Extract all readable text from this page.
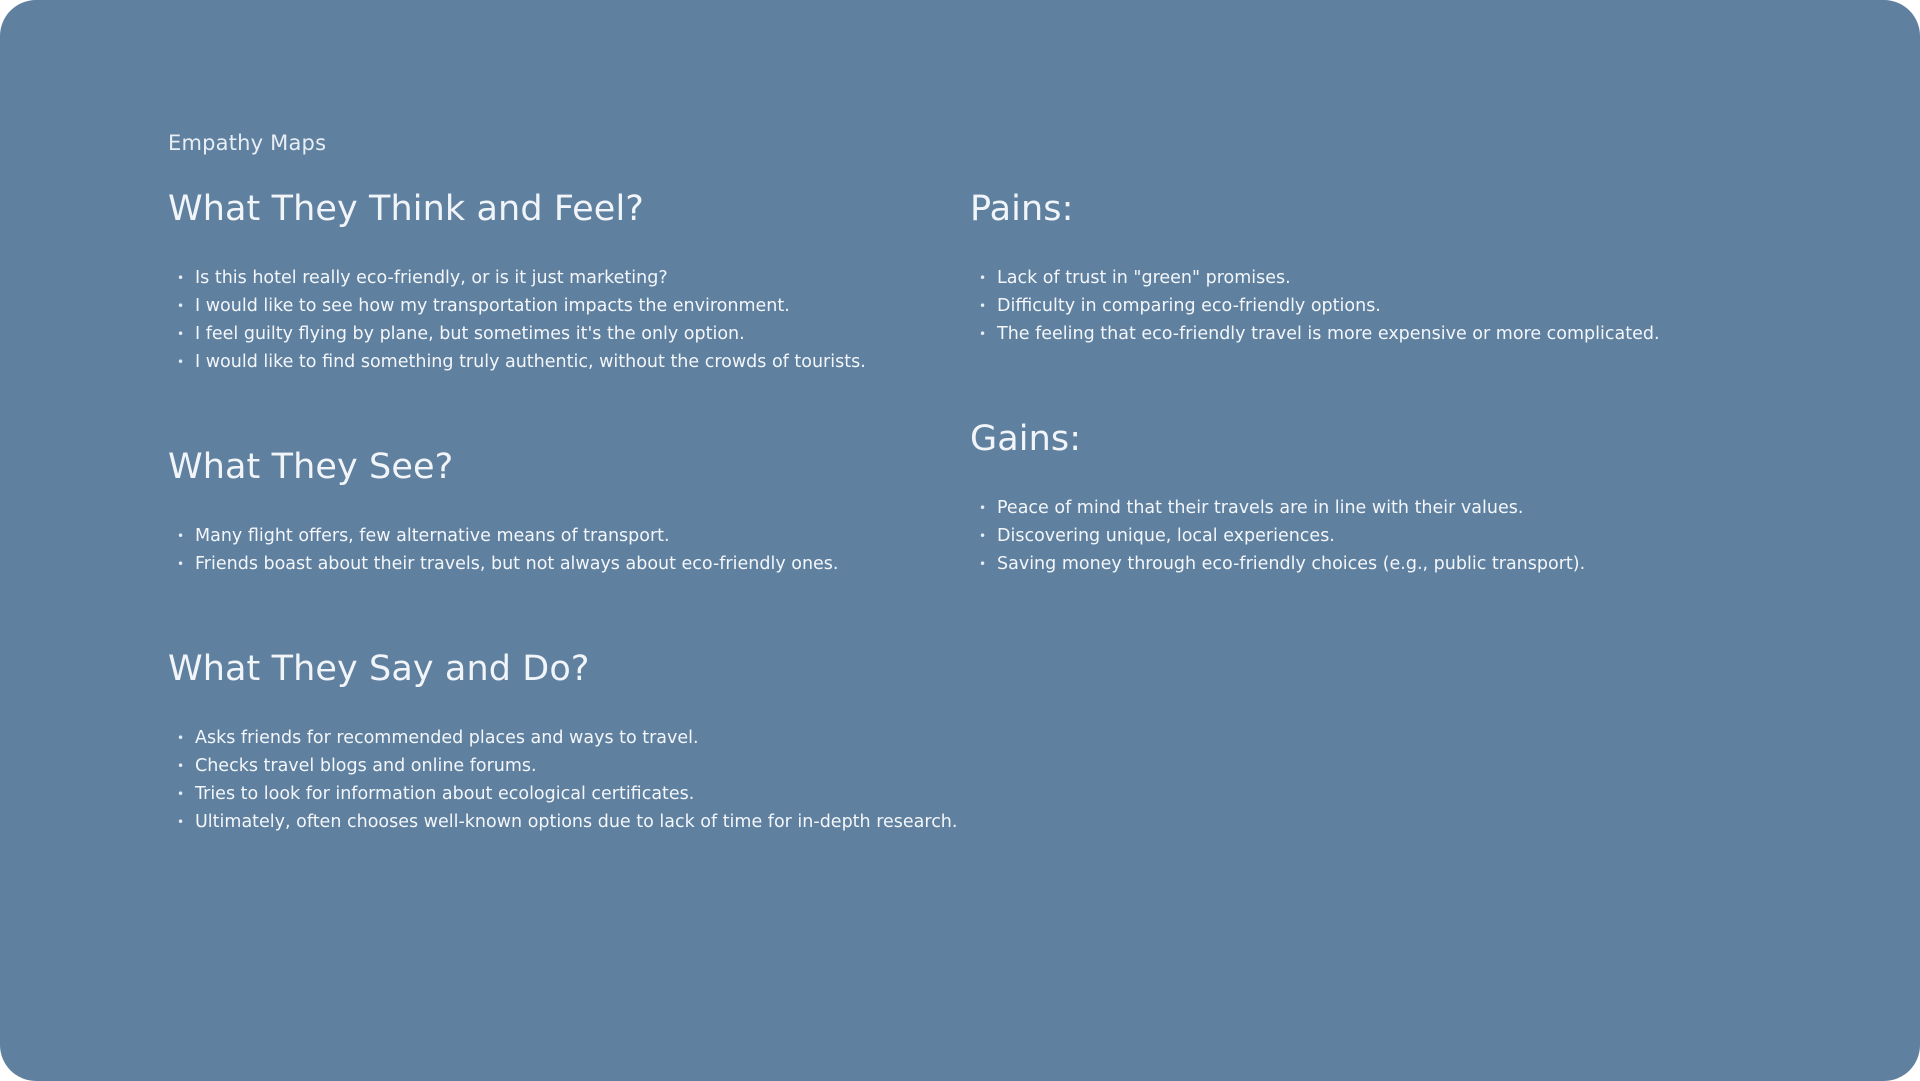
Empathy Maps

What They Think and Feel?
• Is this hotel really eco-friendly, or is it just marketing?
• I would like to see how my transportation impacts the environment.
• I feel guilty flying by plane, but sometimes it's the only option.
• I would like to find something truly authentic, without the crowds of tourists.
What They See?
• Many flight offers, few alternative means of transport.
• Friends boast about their travels, but not always about eco-friendly ones.
What They Say and Do?
• Asks friends for recommended places and ways to travel.
• Checks travel blogs and online forums.
• Tries to look for information about ecological certificates.
• Ultimately, often chooses well-known options due to lack of time for in-depth research.
Pains:
• Lack of trust in "green" promises.
• Difficulty in comparing eco-friendly options.
• The feeling that eco-friendly travel is more expensive or more complicated.
Gains:
• Peace of mind that their travels are in line with their values.
• Discovering unique, local experiences.
• Saving money through eco-friendly choices (e.g., public transport).
